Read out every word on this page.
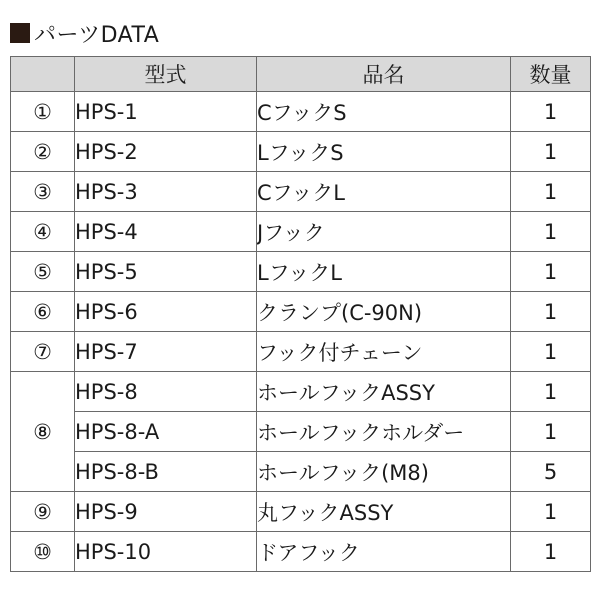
パーツDATA
	型式	品名	数量
①	HPS-1	CフックS	1
②	HPS-2	LフックS	1
③	HPS-3	CフックL	1
④	HPS-4	Jフック	1
⑤	HPS-5	LフックL	1
⑥	HPS-6	クランプ(C-90N)	1
⑦	HPS-7	フック付チェーン	1
⑧	HPS-8	ホールフックASSY	1
	HPS-8-A	ホールフックホルダー	1
	HPS-8-B	ホールフック(M8)	5
⑨	HPS-9	丸フックASSY	1
⑩	HPS-10	ドアフック	1
